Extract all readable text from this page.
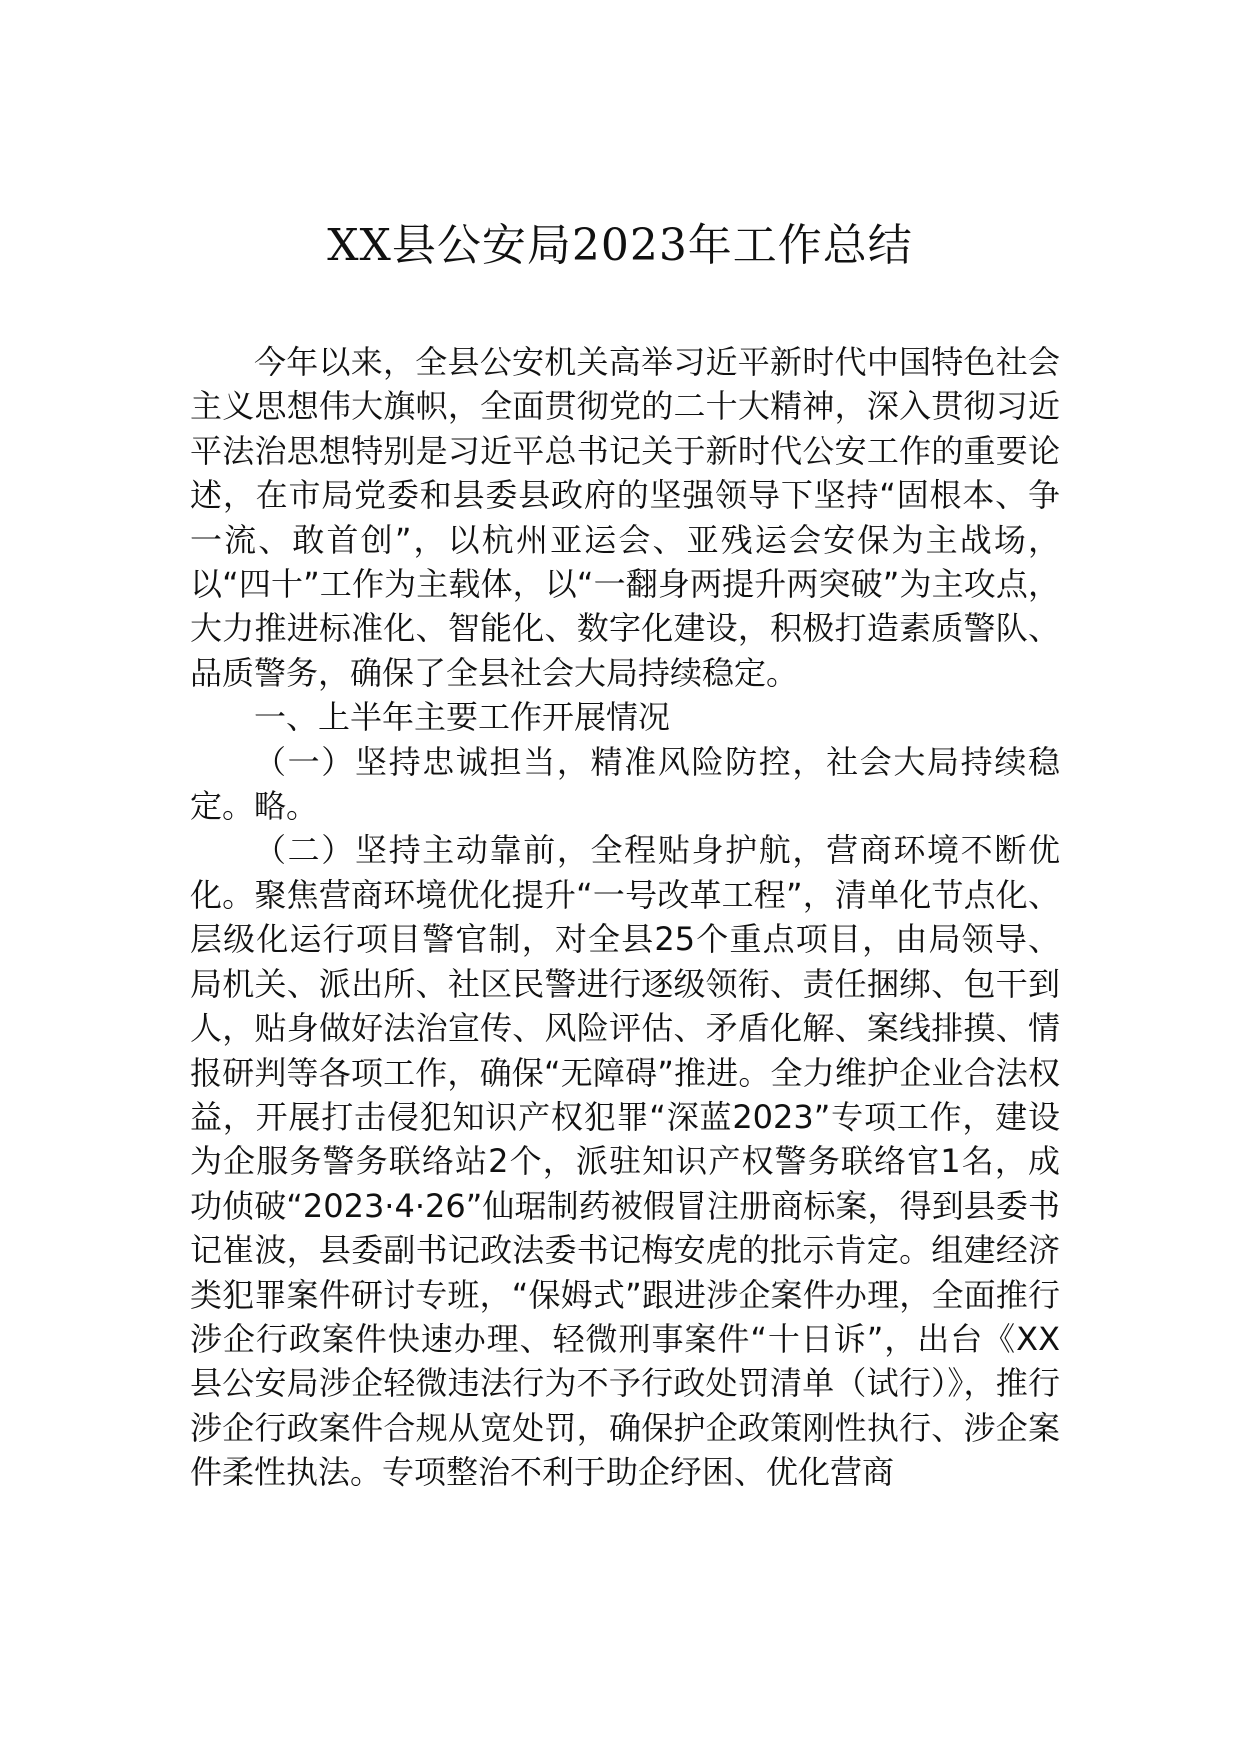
XX县公安局2023年工作总结

今年以来，全县公安机关高举习近平新时代中国特色社会主义思想伟大旗帜，全面贯彻党的二十大精神，深入贯彻习近平法治思想特别是习近平总书记关于新时代公安工作的重要论述，在市局党委和县委县政府的坚强领导下坚持“固根本、争一流、敢首创”，以杭州亚运会、亚残运会安保为主战场，以“四十”工作为主载体，以“一翻身两提升两突破”为主攻点，大力推进标准化、智能化、数字化建设，积极打造素质警队、品质警务，确保了全县社会大局持续稳定。

一、上半年主要工作开展情况

（一）坚持忠诚担当，精准风险防控，社会大局持续稳定。略。

（二）坚持主动靠前，全程贴身护航，营商环境不断优化。聚焦营商环境优化提升“一号改革工程”，清单化节点化、层级化运行项目警官制，对全县25个重点项目，由局领导、局机关、派出所、社区民警进行逐级领衔、责任捆绑、包干到人，贴身做好法治宣传、风险评估、矛盾化解、案线排摸、情报研判等各项工作，确保“无障碍”推进。全力维护企业合法权益，开展打击侵犯知识产权犯罪“深蓝2023”专项工作，建设为企服务警务联络站2个，派驻知识产权警务联络官1名，成功侦破“2023·4·26”仙琚制药被假冒注册商标案，得到县委书记崔波，县委副书记政法委书记梅安虎的批示肯定。组建经济类犯罪案件研讨专班，“保姆式”跟进涉企案件办理，全面推行涉企行政案件快速办理、轻微刑事案件“十日诉”，出台《XX县公安局涉企轻微违法行为不予行政处罚清单（试行）》，推行涉企行政案件合规从宽处罚，确保护企政策刚性执行、涉企案件柔性执法。专项整治不利于助企纾困、优化营商
